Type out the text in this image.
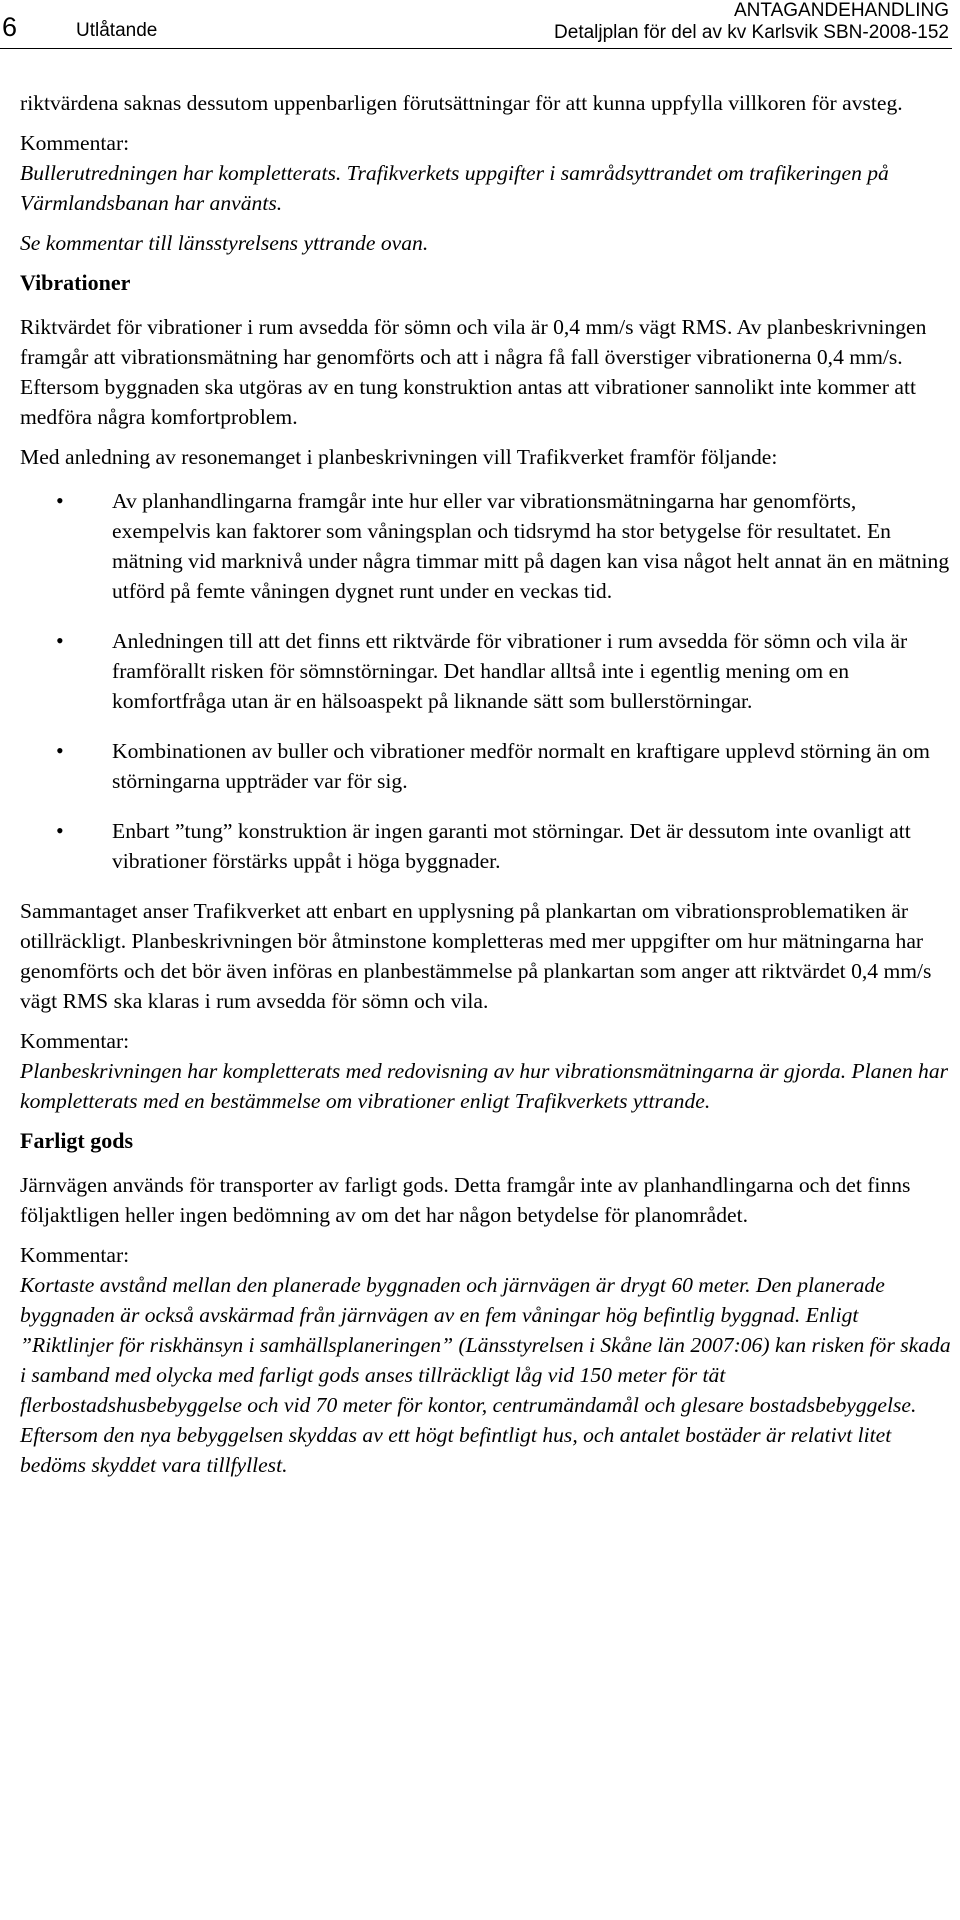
6	Utlåtande
ANTAGANDEHANDLING
Detaljplan för del av kv Karlsvik SBN-2008-152

riktvärdena saknas dessutom uppenbarligen förutsättningar för att kunna uppfylla villkoren för avsteg.

Kommentar:
Bullerutredningen har kompletterats. Trafikverkets uppgifter i samrådsyttrandet om trafikeringen på Värmlandsbanan har använts.

Se kommentar till länsstyrelsens yttrande ovan.

Vibrationer

Riktvärdet för vibrationer i rum avsedda för sömn och vila är 0,4 mm/s vägt RMS. Av planbeskrivningen framgår att vibrationsmätning har genomförts och att i några få fall överstiger vibrationerna 0,4 mm/s. Eftersom byggnaden ska utgöras av en tung konstruktion antas att vibrationer sannolikt inte kommer att medföra några komfortproblem.

Med anledning av resonemanget i planbeskrivningen vill Trafikverket framför följande:

• Av planhandlingarna framgår inte hur eller var vibrationsmätningarna har genomförts, exempelvis kan faktorer som våningsplan och tidsrymd ha stor betygelse för resultatet. En mätning vid marknivå under några timmar mitt på dagen kan visa något helt annat än en mätning utförd på femte våningen dygnet runt under en veckas tid.
• Anledningen till att det finns ett riktvärde för vibrationer i rum avsedda för sömn och vila är framförallt risken för sömnstörningar. Det handlar alltså inte i egentlig mening om en komfortfråga utan är en hälsoaspekt på liknande sätt som bullerstörningar.
• Kombinationen av buller och vibrationer medför normalt en kraftigare upplevd störning än om störningarna uppträder var för sig.
• Enbart ”tung” konstruktion är ingen garanti mot störningar. Det är dessutom inte ovanligt att vibrationer förstärks uppåt i höga byggnader.

Sammantaget anser Trafikverket att enbart en upplysning på plankartan om vibrationsproblematiken är otillräckligt. Planbeskrivningen bör åtminstone kompletteras med mer uppgifter om hur mätningarna har genomförts och det bör även införas en planbestämmelse på plankartan som anger att riktvärdet 0,4 mm/s vägt RMS ska klaras i rum avsedda för sömn och vila.

Kommentar:
Planbeskrivningen har kompletterats med redovisning av hur vibrationsmätningarna är gjorda. Planen har kompletterats med en bestämmelse om vibrationer enligt Trafikverkets yttrande.
Farligt gods

Järnvägen används för transporter av farligt gods. Detta framgår inte av planhandlingarna och det finns följaktligen heller ingen bedömning av om det har någon betydelse för planområdet.

Kommentar:
Kortaste avstånd mellan den planerade byggnaden och järnvägen är drygt 60 meter. Den planerade byggnaden är också avskärmad från järnvägen av en fem våningar hög befintlig byggnad. Enligt ”Riktlinjer för riskhänsyn i samhällsplaneringen” (Länsstyrelsen i Skåne län 2007:06) kan risken för skada i samband med olycka med farligt gods anses tillräckligt låg vid 150 meter för tät flerbostadshusbebyggelse och vid 70 meter för kontor, centrumändamål och glesare bostadsbebyggelse. Eftersom den nya bebyggelsen skyddas av ett högt befintligt hus, och antalet bostäder är relativt litet bedöms skyddet vara tillfyllest.
